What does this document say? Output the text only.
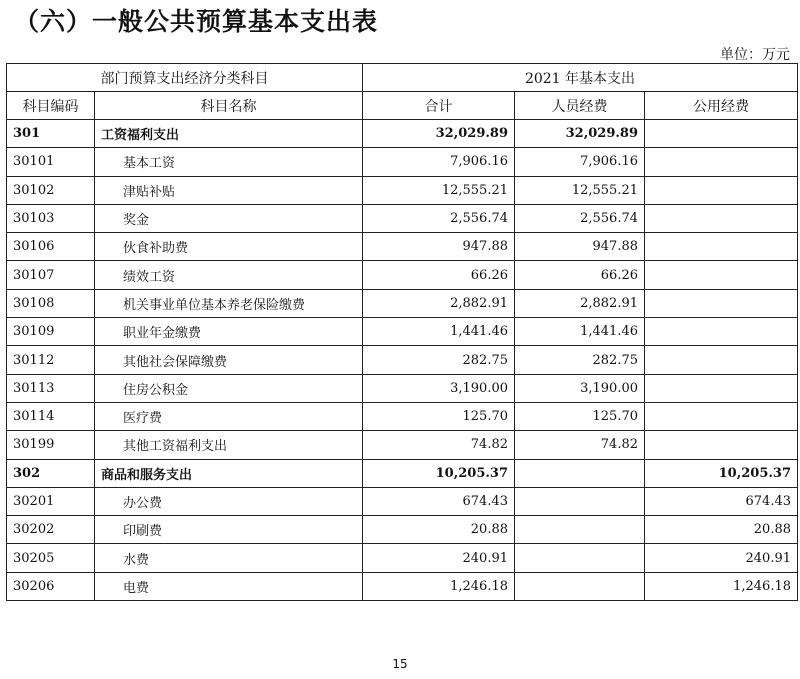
（六）一般公共预算基本支出表
单位：万元
部门预算支出经济分类科目		2021 年基本支出		
科目编码	科目名称	合计	人员经费	公用经费
301	工资福利支出	32,029.89	32,029.89	
30101	基本工资	7,906.16	7,906.16	
30102	津贴补贴	12,555.21	12,555.21	
30103	奖金	2,556.74	2,556.74	
30106	伙食补助费	947.88	947.88	
30107	绩效工资	66.26	66.26	
30108	机关事业单位基本养老保险缴费	2,882.91	2,882.91	
30109	职业年金缴费	1,441.46	1,441.46	
30112	其他社会保障缴费	282.75	282.75	
30113	住房公积金	3,190.00	3,190.00	
30114	医疗费	125.70	125.70	
30199	其他工资福利支出	74.82	74.82	
302	商品和服务支出	10,205.37		10,205.37
30201	办公费	674.43		674.43
30202	印刷费	20.88		20.88
30205	水费	240.91		240.91
30206	电费	1,246.18		1,246.18
15
